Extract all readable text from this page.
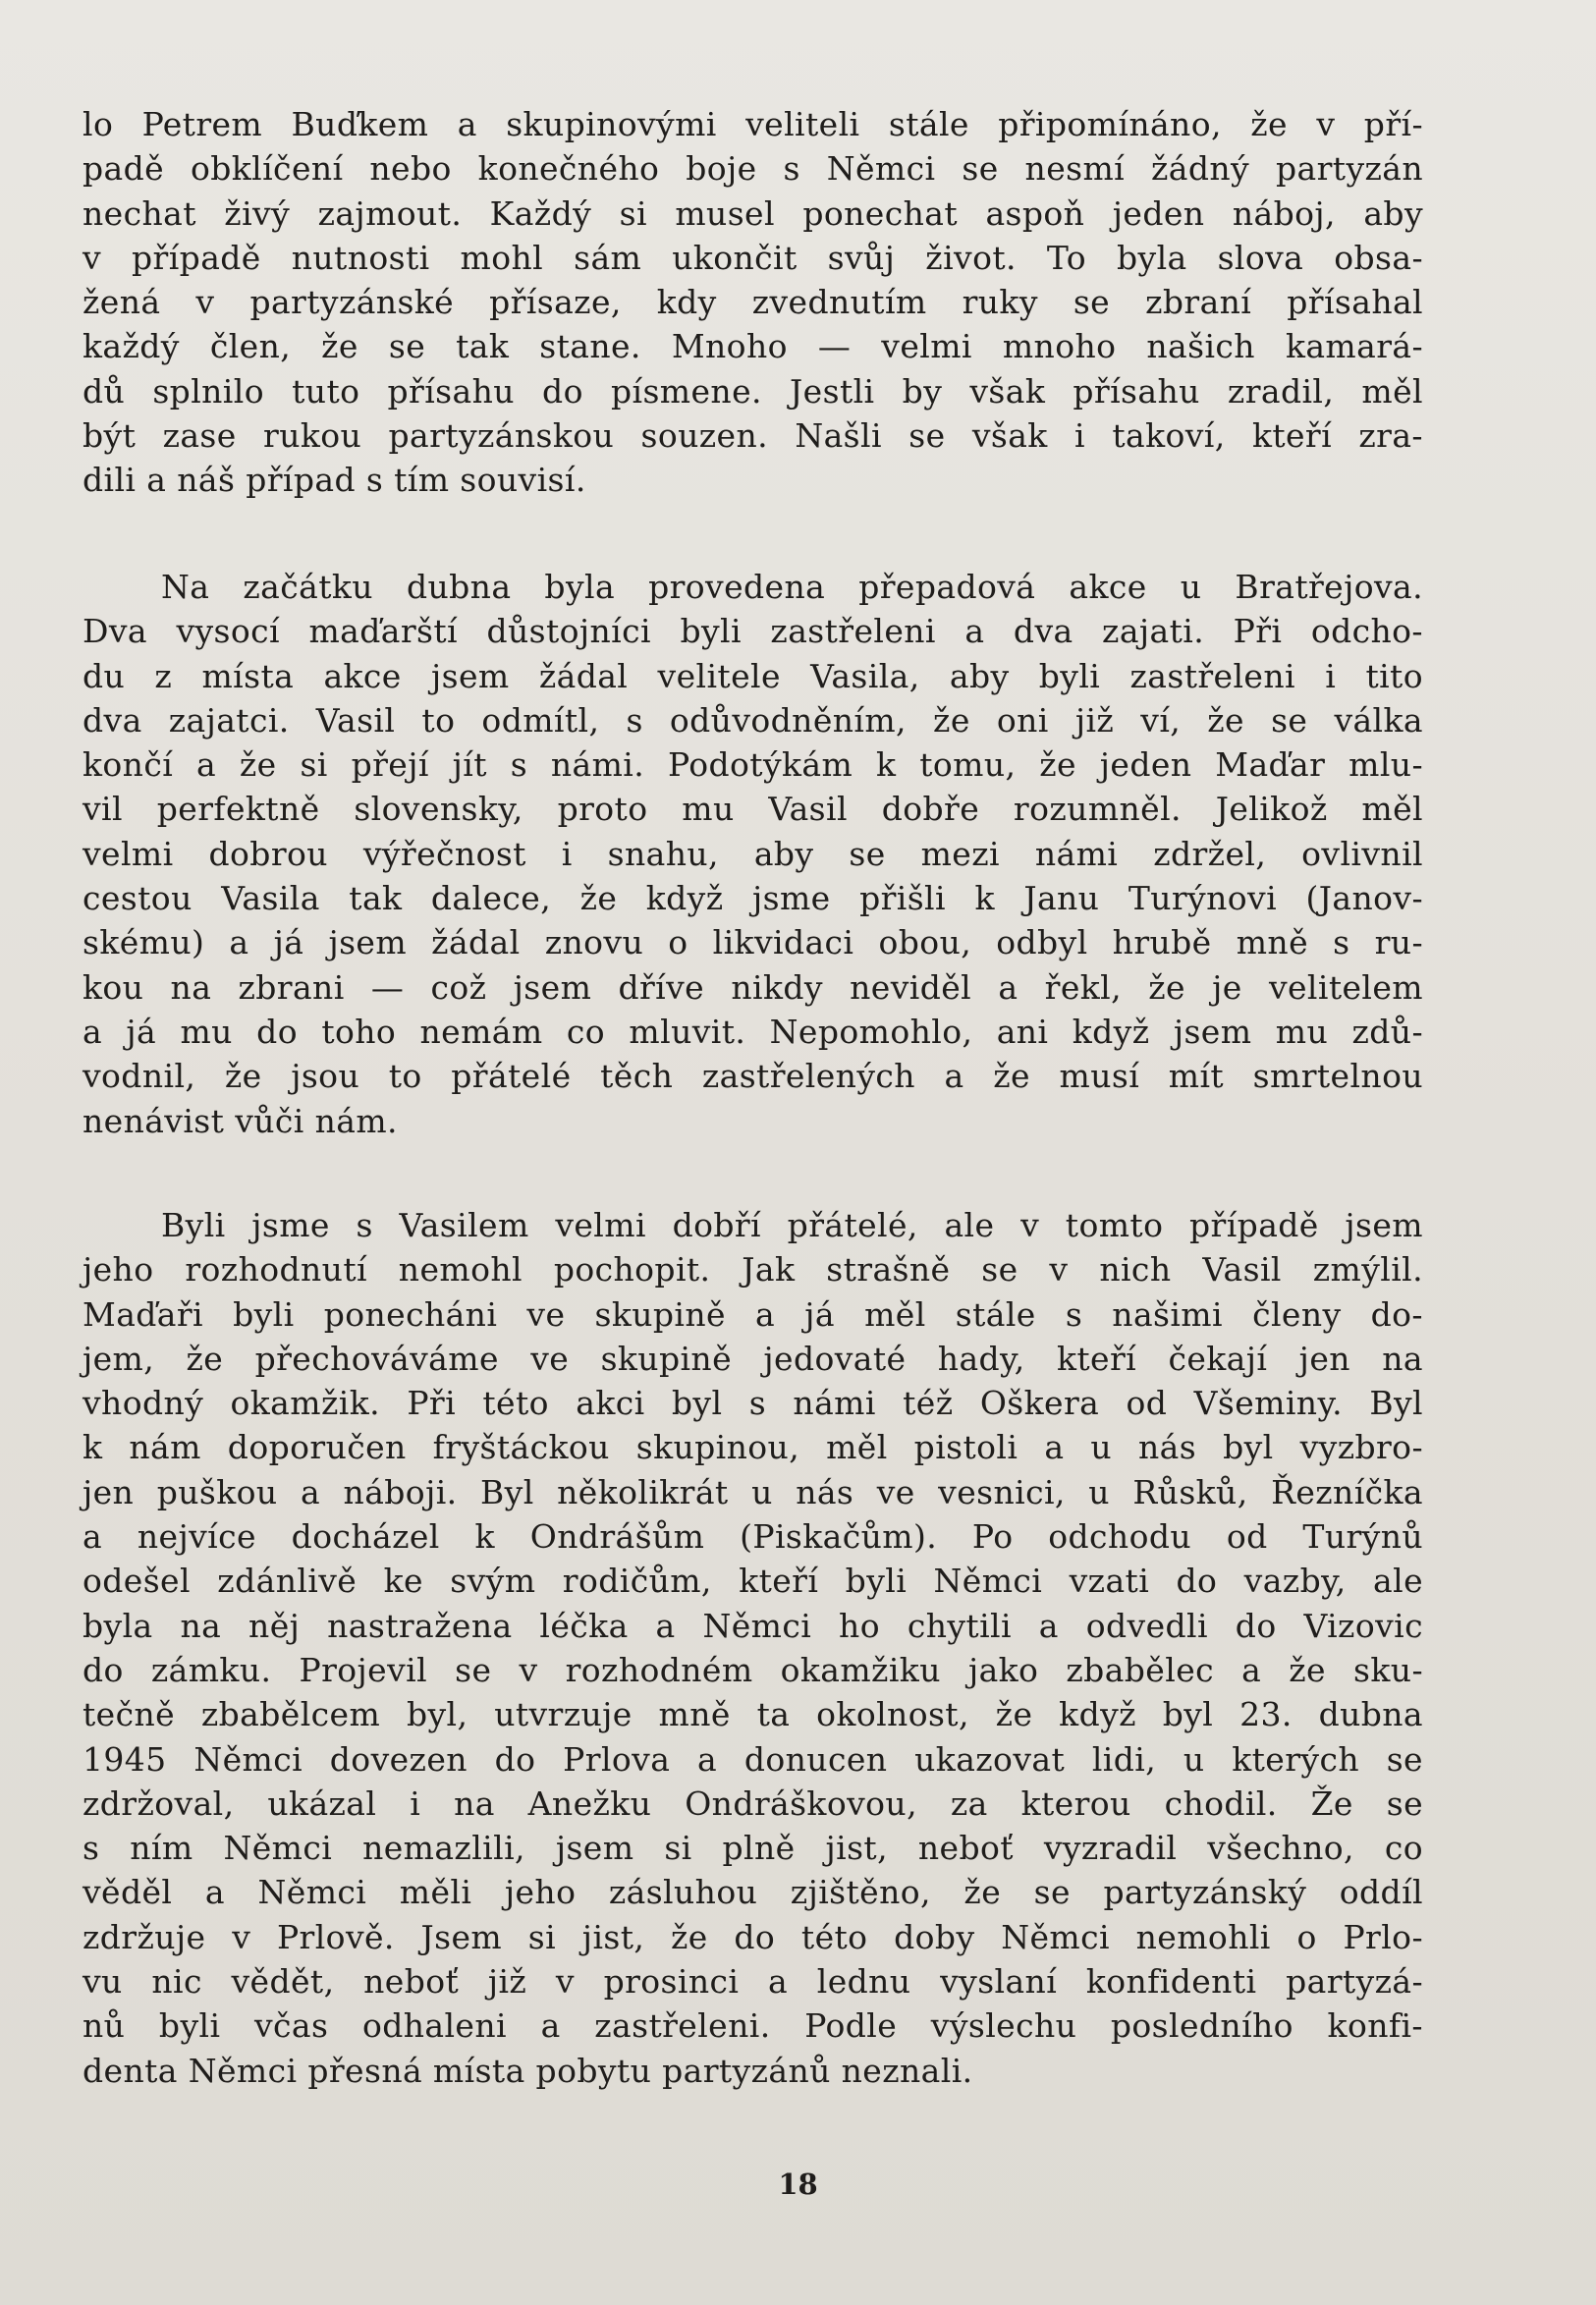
lo Petrem Buďkem a skupinovými veliteli stále připomínáno, že v pří-
padě obklíčení nebo konečného boje s Němci se nesmí žádný partyzán
nechat živý zajmout. Každý si musel ponechat aspoň jeden náboj, aby
v případě nutnosti mohl sám ukončit svůj život. To byla slova obsa-
žená v partyzánské přísaze, kdy zvednutím ruky se zbraní přísahal
každý člen, že se tak stane. Mnoho — velmi mnoho našich kamará-
dů splnilo tuto přísahu do písmene. Jestli by však přísahu zradil, měl
být zase rukou partyzánskou souzen. Našli se však i takoví, kteří zra-
dili a náš případ s tím souvisí.
Na začátku dubna byla provedena přepadová akce u Bratřejova.
Dva vysocí maďarští důstojníci byli zastřeleni a dva zajati. Při odcho-
du z místa akce jsem žádal velitele Vasila, aby byli zastřeleni i tito
dva zajatci. Vasil to odmítl, s odůvodněním, že oni již ví, že se válka
končí a že si přejí jít s námi. Podotýkám k tomu, že jeden Maďar mlu-
vil perfektně slovensky, proto mu Vasil dobře rozumněl. Jelikož měl
velmi dobrou výřečnost i snahu, aby se mezi námi zdržel, ovlivnil
cestou Vasila tak dalece, že když jsme přišli k Janu Turýnovi (Janov-
skému) a já jsem žádal znovu o likvidaci obou, odbyl hrubě mně s ru-
kou na zbrani — což jsem dříve nikdy neviděl a řekl, že je velitelem
a já mu do toho nemám co mluvit. Nepomohlo, ani když jsem mu zdů-
vodnil, že jsou to přátelé těch zastřelených a že musí mít smrtelnou
nenávist vůči nám.
Byli jsme s Vasilem velmi dobří přátelé, ale v tomto případě jsem
jeho rozhodnutí nemohl pochopit. Jak strašně se v nich Vasil zmýlil.
Maďaři byli ponecháni ve skupině a já měl stále s našimi členy do-
jem, že přechováváme ve skupině jedovaté hady, kteří čekají jen na
vhodný okamžik. Při této akci byl s námi též Oškera od Všeminy. Byl
k nám doporučen fryštáckou skupinou, měl pistoli a u nás byl vyzbro-
jen puškou a náboji. Byl několikrát u nás ve vesnici, u Růsků, Řezníčka
a nejvíce docházel k Ondrášům (Piskačům). Po odchodu od Turýnů
odešel zdánlivě ke svým rodičům, kteří byli Němci vzati do vazby, ale
byla na něj nastražena léčka a Němci ho chytili a odvedli do Vizovic
do zámku. Projevil se v rozhodném okamžiku jako zbabělec a že sku-
tečně zbabělcem byl, utvrzuje mně ta okolnost, že když byl 23. dubna
1945 Němci dovezen do Prlova a donucen ukazovat lidi, u kterých se
zdržoval, ukázal i na Anežku Ondráškovou, za kterou chodil. Že se
s ním Němci nemazlili, jsem si plně jist, neboť vyzradil všechno, co
věděl a Němci měli jeho zásluhou zjištěno, že se partyzánský oddíl
zdržuje v Prlově. Jsem si jist, že do této doby Němci nemohli o Prlo-
vu nic vědět, neboť již v prosinci a lednu vyslaní konfidenti partyzá-
nů byli včas odhaleni a zastřeleni. Podle výslechu posledního konfi-
denta Němci přesná místa pobytu partyzánů neznali.
18
